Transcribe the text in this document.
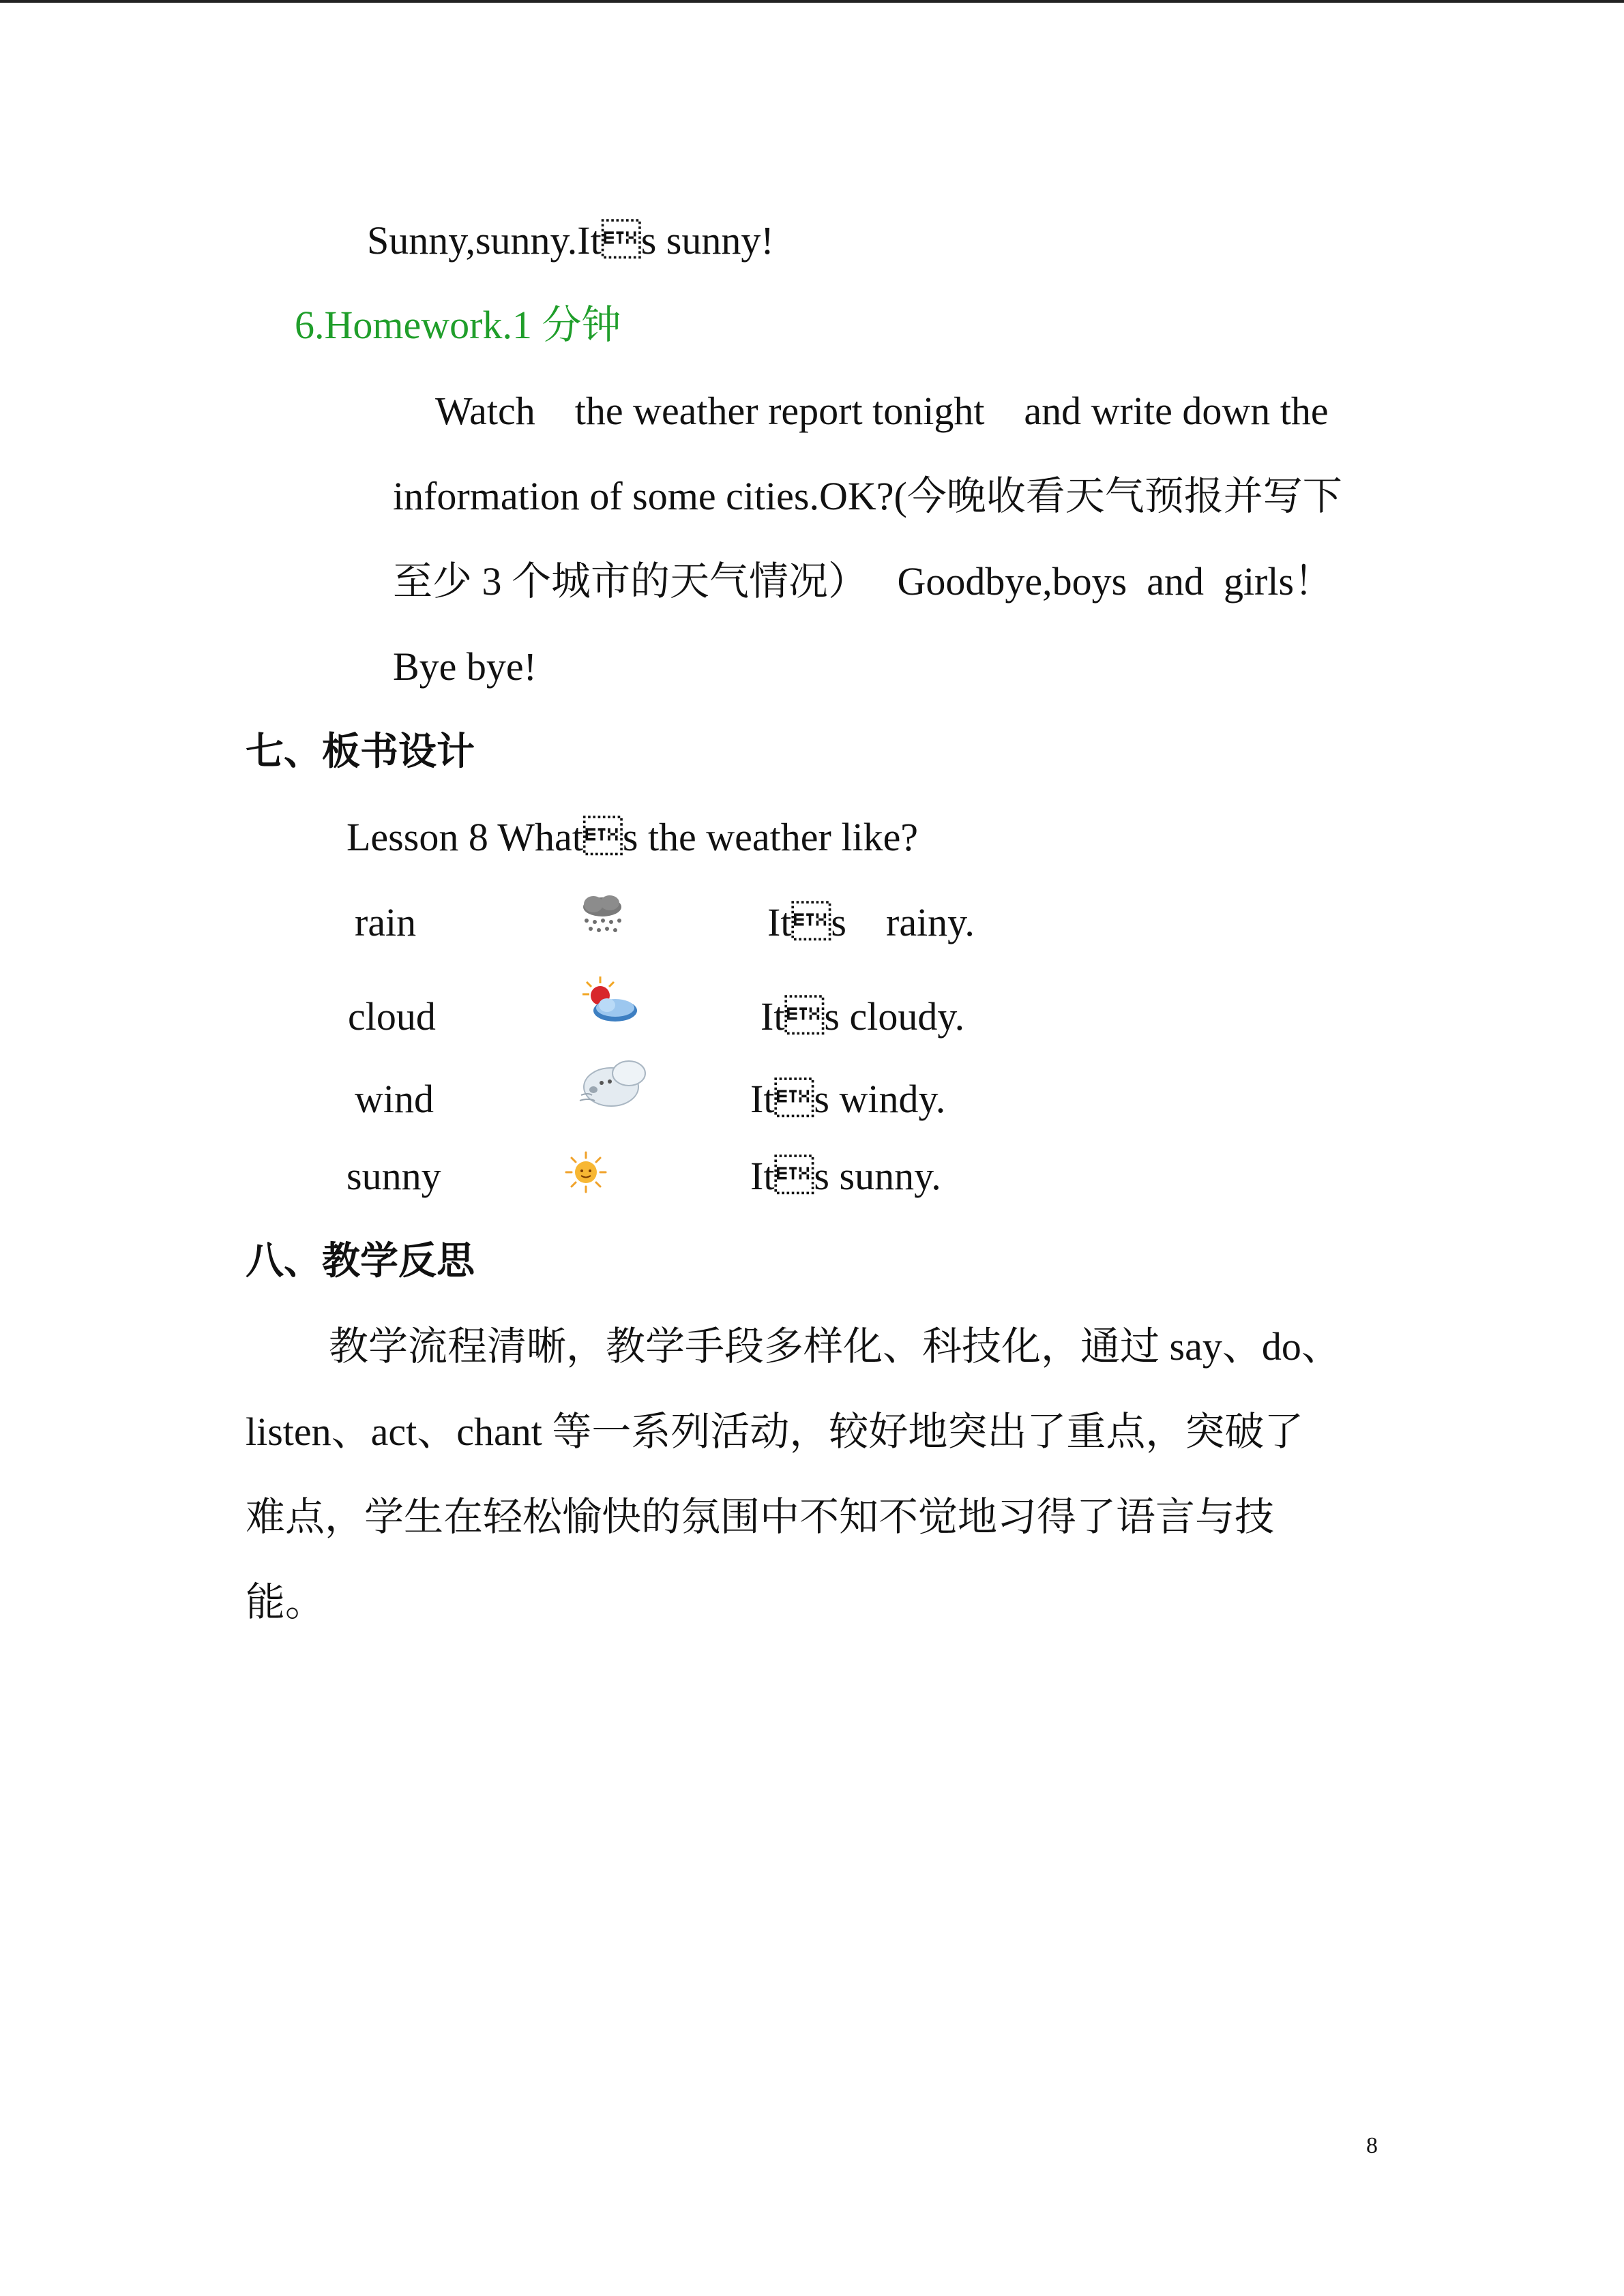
Sunny,sunny.Its sunny!
6.Homework.1 分钟
Watch    the weather report tonight    and write down the
information of some cities.OK?(今晚收看天气预报并写下
至少 3 个城市的天气情况）   Goodbye,boys  and  girls！
Bye bye!
七、板书设计
Lesson 8 Whats the weather like?
rain	Its    rainy.
cloud	Its cloudy.
wind	Its windy.
sunny	Its sunny.
八、教学反思
教学流程清晰，教学手段多样化、科技化，通过 say、do、
listen、act、chant 等一系列活动，较好地突出了重点，突破了
难点，学生在轻松愉快的氛围中不知不觉地习得了语言与技
能。
8
